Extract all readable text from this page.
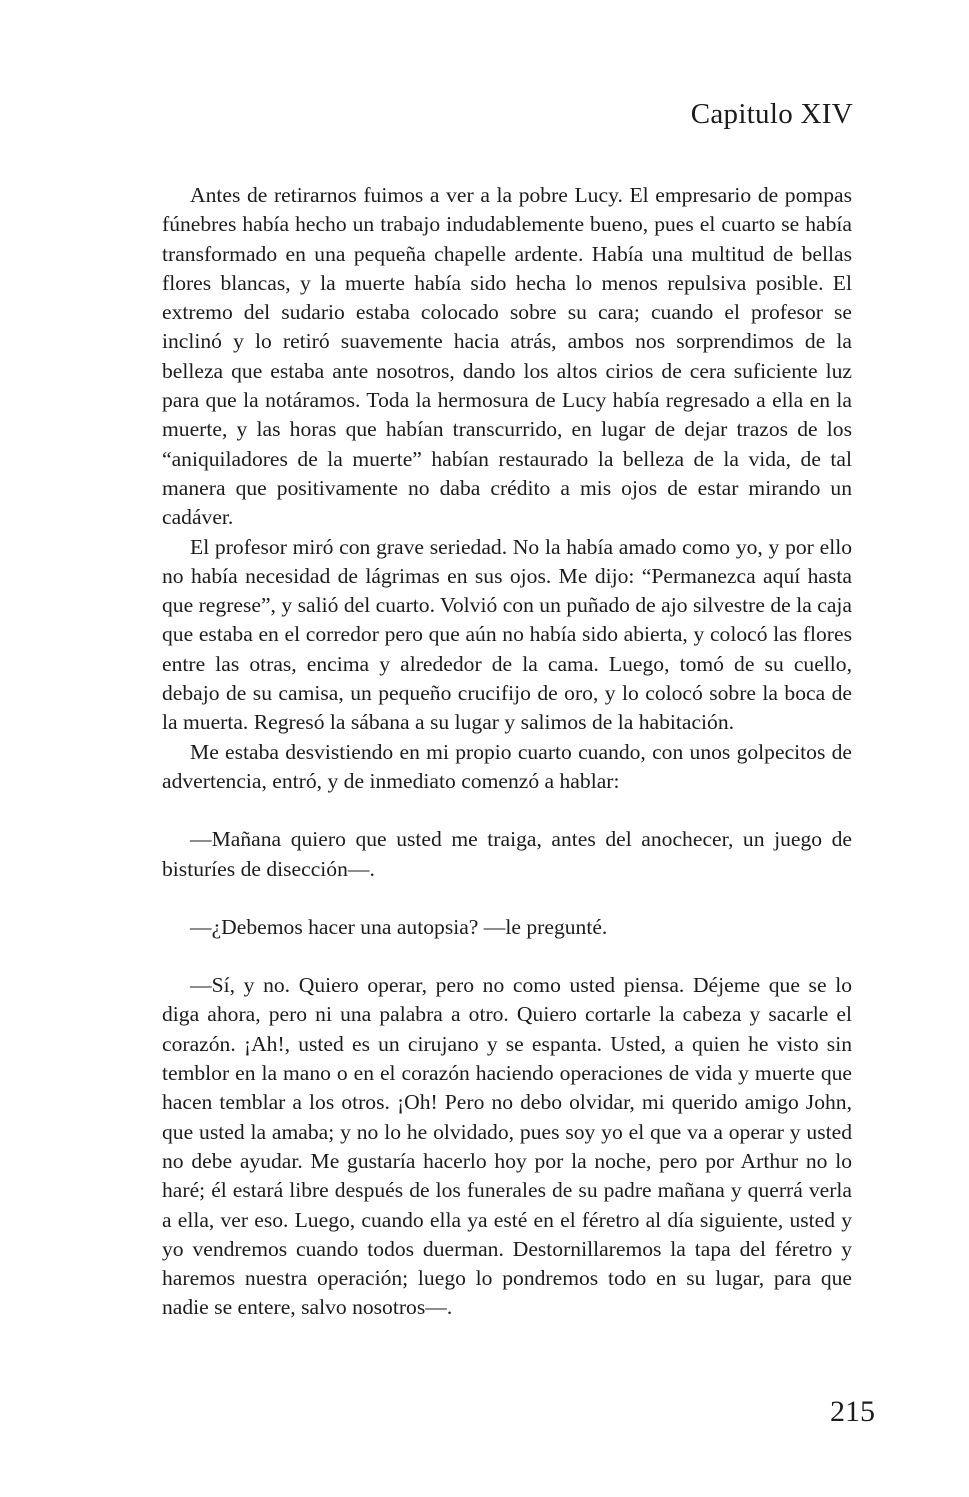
Capitulo XIV

Antes de retirarnos fuimos a ver a la pobre Lucy. El empresario de pompas fúnebres había hecho un trabajo indudablemente bueno, pues el cuarto se había transformado en una pequeña chapelle ardente. Había una multitud de bellas flores blancas, y la muerte había sido hecha lo menos repulsiva posible. El extremo del sudario estaba colocado sobre su cara; cuando el profesor se inclinó y lo retiró suavemente hacia atrás, ambos nos sorprendimos de la belleza que estaba ante nosotros, dando los altos cirios de cera suficiente luz para que la notáramos. Toda la hermosura de Lucy había regresado a ella en la muerte, y las horas que habían transcurrido, en lugar de dejar trazos de los “aniquiladores de la muerte” habían restaurado la belleza de la vida, de tal manera que positivamente no daba crédito a mis ojos de estar mirando un cadáver.

El profesor miró con grave seriedad. No la había amado como yo, y por ello no había necesidad de lágrimas en sus ojos. Me dijo: “Permanezca aquí hasta que regrese”, y salió del cuarto. Volvió con un puñado de ajo silvestre de la caja que estaba en el corredor pero que aún no había sido abierta, y colocó las flores entre las otras, encima y alrededor de la cama. Luego, tomó de su cuello, debajo de su camisa, un pequeño crucifijo de oro, y lo colocó sobre la boca de la muerta. Regresó la sábana a su lugar y salimos de la habitación.

Me estaba desvistiendo en mi propio cuarto cuando, con unos golpecitos de advertencia, entró, y de inmediato comenzó a hablar:

—Mañana quiero que usted me traiga, antes del anochecer, un juego de bisturíes de disección—.

—¿Debemos hacer una autopsia? —le pregunté.

—Sí, y no. Quiero operar, pero no como usted piensa. Déjeme que se lo diga ahora, pero ni una palabra a otro. Quiero cortarle la cabeza y sacarle el corazón. ¡Ah!, usted es un cirujano y se espanta. Usted, a quien he visto sin temblor en la mano o en el corazón haciendo operaciones de vida y muerte que hacen temblar a los otros. ¡Oh! Pero no debo olvidar, mi querido amigo John, que usted la amaba; y no lo he olvidado, pues soy yo el que va a operar y usted no debe ayudar. Me gustaría hacerlo hoy por la noche, pero por Arthur no lo haré; él estará libre después de los funerales de su padre mañana y querrá verla a ella, ver eso. Luego, cuando ella ya esté en el féretro al día siguiente, usted y yo vendremos cuando todos duerman. Destornillaremos la tapa del féretro y haremos nuestra operación; luego lo pondremos todo en su lugar, para que nadie se entere, salvo nosotros—.

215
